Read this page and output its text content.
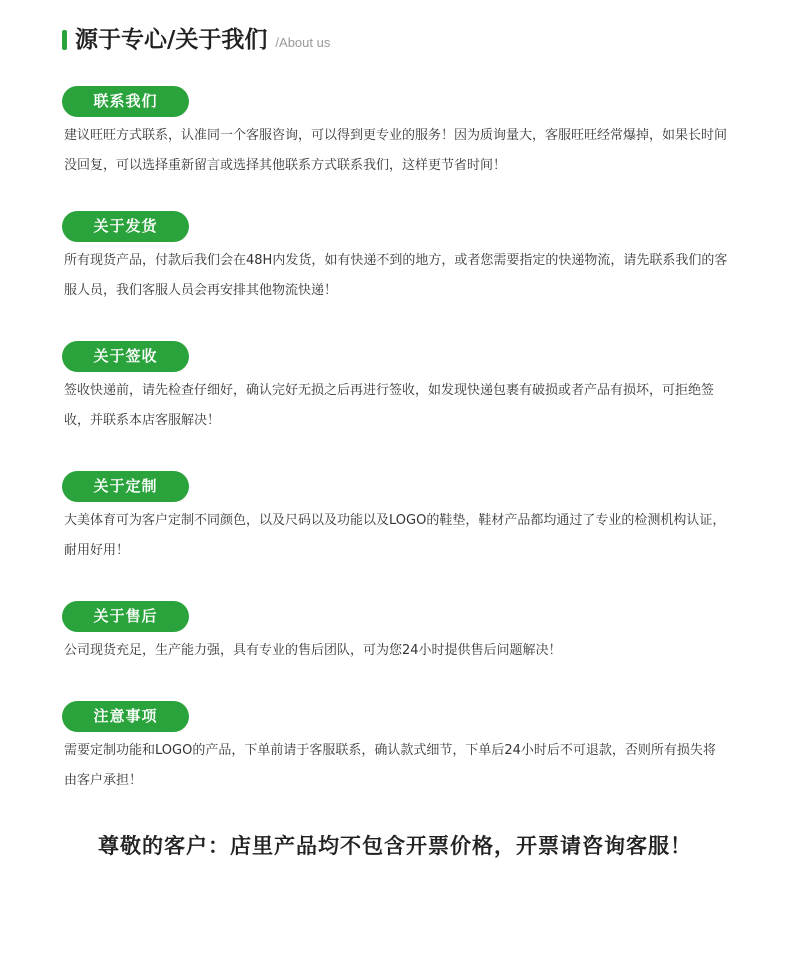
源于专心/关于我们 /About us
联系我们
建议旺旺方式联系，认准同一个客服咨询，可以得到更专业的服务！因为质询量大，客服旺旺经常爆掉，如果长时间没回复，可以选择重新留言或选择其他联系方式联系我们，这样更节省时间！
关于发货
所有现货产品，付款后我们会在48H内发货，如有快递不到的地方，或者您需要指定的快递物流，请先联系我们的客服人员，我们客服人员会再安排其他物流快递！
关于签收
签收快递前，请先检查仔细好，确认完好无损之后再进行签收，如发现快递包裹有破损或者产品有损坏，可拒绝签收，并联系本店客服解决！
关于定制
大美体育可为客户定制不同颜色，以及尺码以及功能以及LOGO的鞋垫，鞋材产品都均通过了专业的检测机构认证，耐用好用！
关于售后
公司现货充足，生产能力强，具有专业的售后团队，可为您24小时提供售后问题解决！
注意事项
需要定制功能和LOGO的产品，下单前请于客服联系，确认款式细节，下单后24小时后不可退款，否则所有损失将由客户承担！
尊敬的客户：店里产品均不包含开票价格，开票请咨询客服！
